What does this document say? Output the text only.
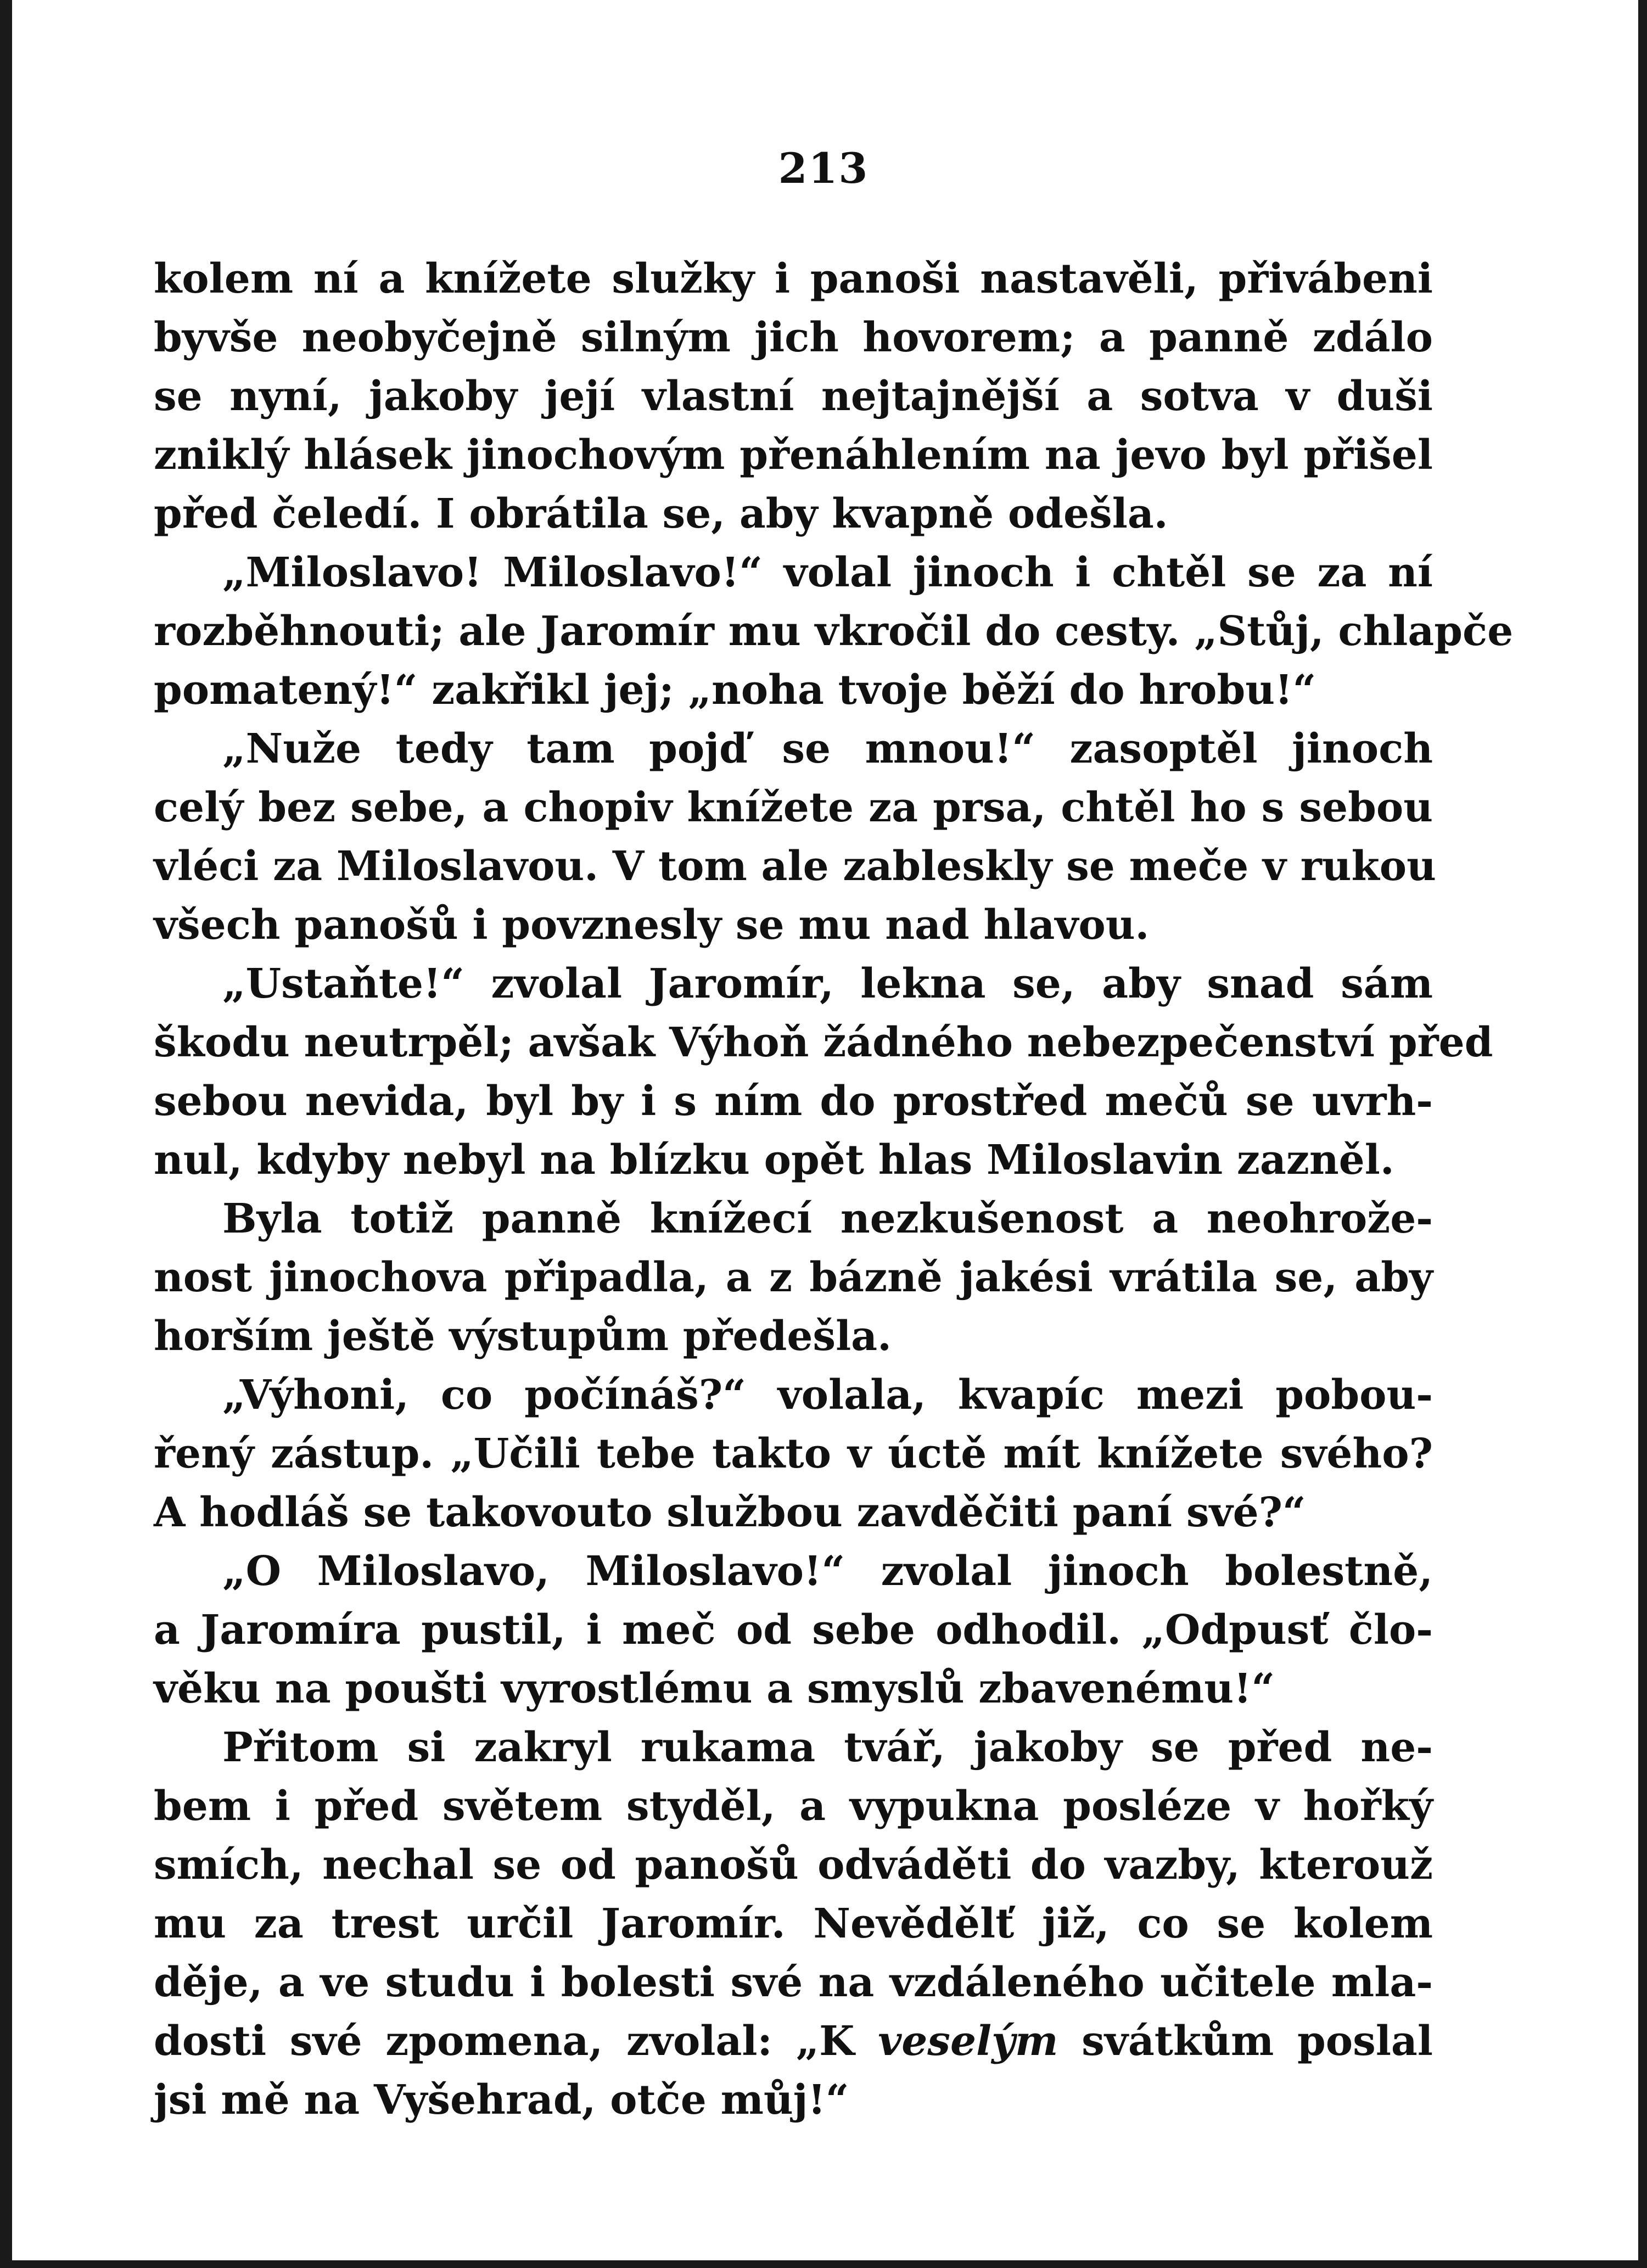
213
kolem ní a knížete služky i panoši nastavěli, přivábeni
byvše neobyčejně silným jich hovorem; a panně zdálo
se nyní, jakoby její vlastní nejtajnější a sotva v duši
zniklý hlásek jinochovým přenáhlením na jevo byl přišel
před čeledí. I obrátila se, aby kvapně odešla.
„Miloslavo! Miloslavo!“ volal jinoch i chtěl se za ní
rozběhnouti; ale Jaromír mu vkročil do cesty. „Stůj, chlapče
pomatený!“ zakřikl jej; „noha tvoje běží do hrobu!“
„Nuže tedy tam pojď se mnou!“ zasoptěl jinoch
celý bez sebe, a chopiv knížete za prsa, chtěl ho s sebou
vléci za Miloslavou. V tom ale zableskly se meče v rukou
všech panošů i povznesly se mu nad hlavou.
„Ustaňte!“ zvolal Jaromír, lekna se, aby snad sám
škodu neutrpěl; avšak Výhoň žádného nebezpečenství před
sebou nevida, byl by i s ním do prostřed mečů se uvrh-
nul, kdyby nebyl na blízku opět hlas Miloslavin zazněl.
Byla totiž panně knížecí nezkušenost a neohrože-
nost jinochova připadla, a z bázně jakési vrátila se, aby
horším ještě výstupům předešla.
„Výhoni, co počínáš?“ volala, kvapíc mezi pobou-
řený zástup. „Učili tebe takto v úctě mít knížete svého?
A hodláš se takovouto službou zavděčiti paní své?“
„O Miloslavo, Miloslavo!“ zvolal jinoch bolestně,
a Jaromíra pustil, i meč od sebe odhodil. „Odpusť člo-
věku na poušti vyrostlému a smyslů zbavenému!“
Přitom si zakryl rukama tvář, jakoby se před ne-
bem i před světem styděl, a vypukna posléze v hořký
smích, nechal se od panošů odváděti do vazby, kterouž
mu za trest určil Jaromír. Nevědělť již, co se kolem
děje, a ve studu i bolesti své na vzdáleného učitele mla-
dosti své zpomena, zvolal: „K veselým svátkům poslal
jsi mě na Vyšehrad, otče můj!“
